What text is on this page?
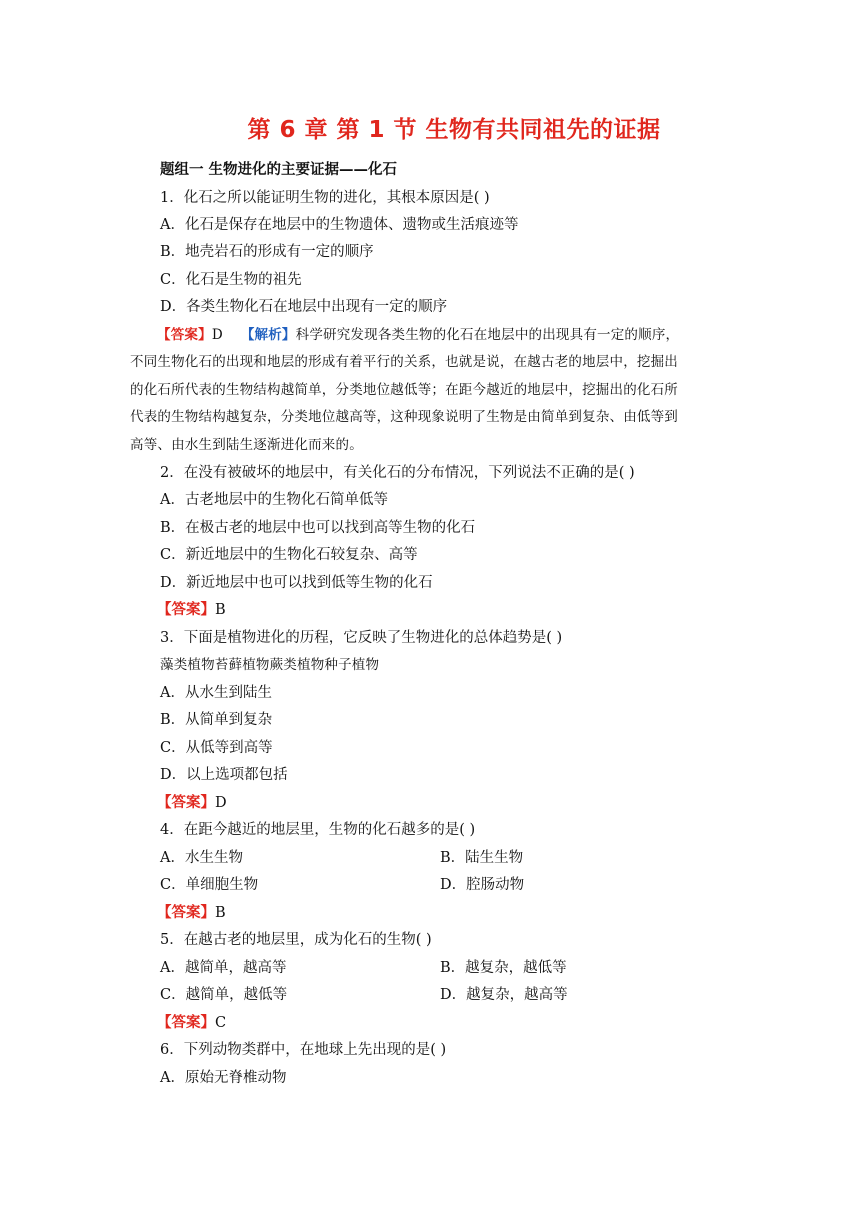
第 6 章 第 1 节 生物有共同祖先的证据
题组一 生物进化的主要证据——化石
1．化石之所以能证明生物的进化，其根本原因是( )
A．化石是保存在地层中的生物遗体、遗物或生活痕迹等
B．地壳岩石的形成有一定的顺序
C．化石是生物的祖先
D．各类生物化石在地层中出现有一定的顺序
【答案】D 【解析】科学研究发现各类生物的化石在地层中的出现具有一定的顺序，
不同生物化石的出现和地层的形成有着平行的关系，也就是说，在越古老的地层中，挖掘出
的化石所代表的生物结构越简单，分类地位越低等；在距今越近的地层中，挖掘出的化石所
代表的生物结构越复杂，分类地位越高等，这种现象说明了生物是由简单到复杂、由低等到
高等、由水生到陆生逐渐进化而来的。
2．在没有被破坏的地层中，有关化石的分布情况，下列说法不正确的是( )
A．古老地层中的生物化石简单低等
B．在极古老的地层中也可以找到高等生物的化石
C．新近地层中的生物化石较复杂、高等
D．新近地层中也可以找到低等生物的化石
【答案】B
3．下面是植物进化的历程，它反映了生物进化的总体趋势是( )
藻类植物苔藓植物蕨类植物种子植物
A．从水生到陆生
B．从简单到复杂
C．从低等到高等
D．以上选项都包括
【答案】D
4．在距今越近的地层里，生物的化石越多的是( )
A．水生生物	B．陆生生物
C．单细胞生物	D．腔肠动物
【答案】B
5．在越古老的地层里，成为化石的生物( )
A．越简单，越高等	B．越复杂，越低等
C．越简单，越低等	D．越复杂，越高等
【答案】C
6．下列动物类群中，在地球上先出现的是( )
A．原始无脊椎动物
